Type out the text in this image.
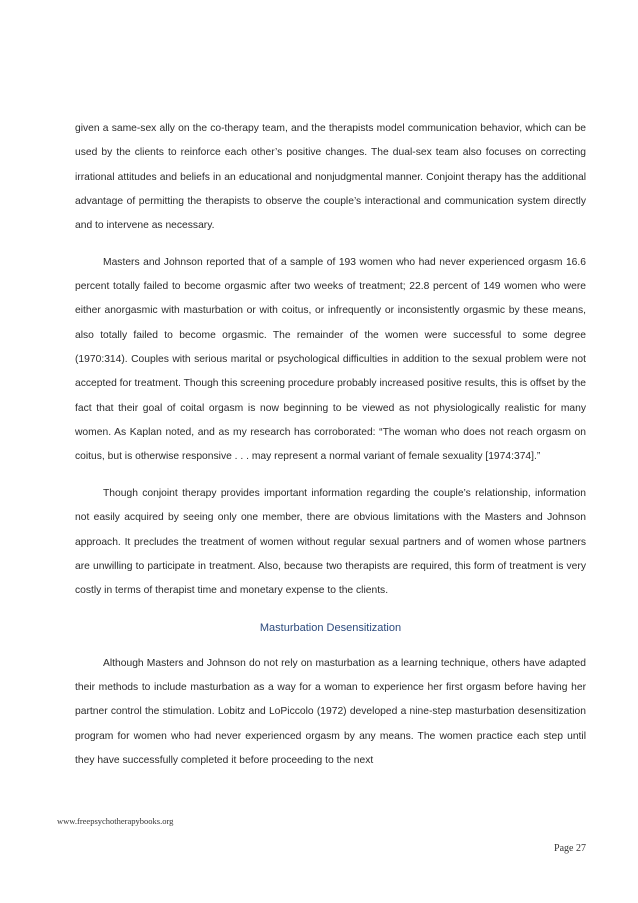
given a same-sex ally on the co-therapy team, and the therapists model communication behavior, which can be used by the clients to reinforce each other’s positive changes. The dual-sex team also focuses on correcting irrational attitudes and beliefs in an educational and nonjudgmental manner. Conjoint therapy has the additional advantage of permitting the therapists to observe the couple’s interactional and communication system directly and to intervene as necessary.

Masters and Johnson reported that of a sample of 193 women who had never experienced orgasm 16.6 percent totally failed to become orgasmic after two weeks of treatment; 22.8 percent of 149 women who were either anorgasmic with masturbation or with coitus, or infrequently or inconsistently orgasmic by these means, also totally failed to become orgasmic. The remainder of the women were successful to some degree (1970:314). Couples with serious marital or psychological difficulties in addition to the sexual problem were not accepted for treatment. Though this screening procedure probably increased positive results, this is offset by the fact that their goal of coital orgasm is now beginning to be viewed as not physiologically realistic for many women. As Kaplan noted, and as my research has corroborated: “The woman who does not reach orgasm on coitus, but is otherwise responsive . . . may represent a normal variant of female sexuality [1974:374].”

Though conjoint therapy provides important information regarding the couple’s relationship, information not easily acquired by seeing only one member, there are obvious limitations with the Masters and Johnson approach. It precludes the treatment of women without regular sexual partners and of women whose partners are unwilling to participate in treatment. Also, because two therapists are required, this form of treatment is very costly in terms of therapist time and monetary expense to the clients.

Masturbation Desensitization

Although Masters and Johnson do not rely on masturbation as a learning technique, others have adapted their methods to include masturbation as a way for a woman to experience her first orgasm before having her partner control the stimulation. Lobitz and LoPiccolo (1972) developed a nine-step masturbation desensitization program for women who had never experienced orgasm by any means. The women practice each step until they have successfully completed it before proceeding to the next

www.freepsychotherapybooks.org
Page 27
